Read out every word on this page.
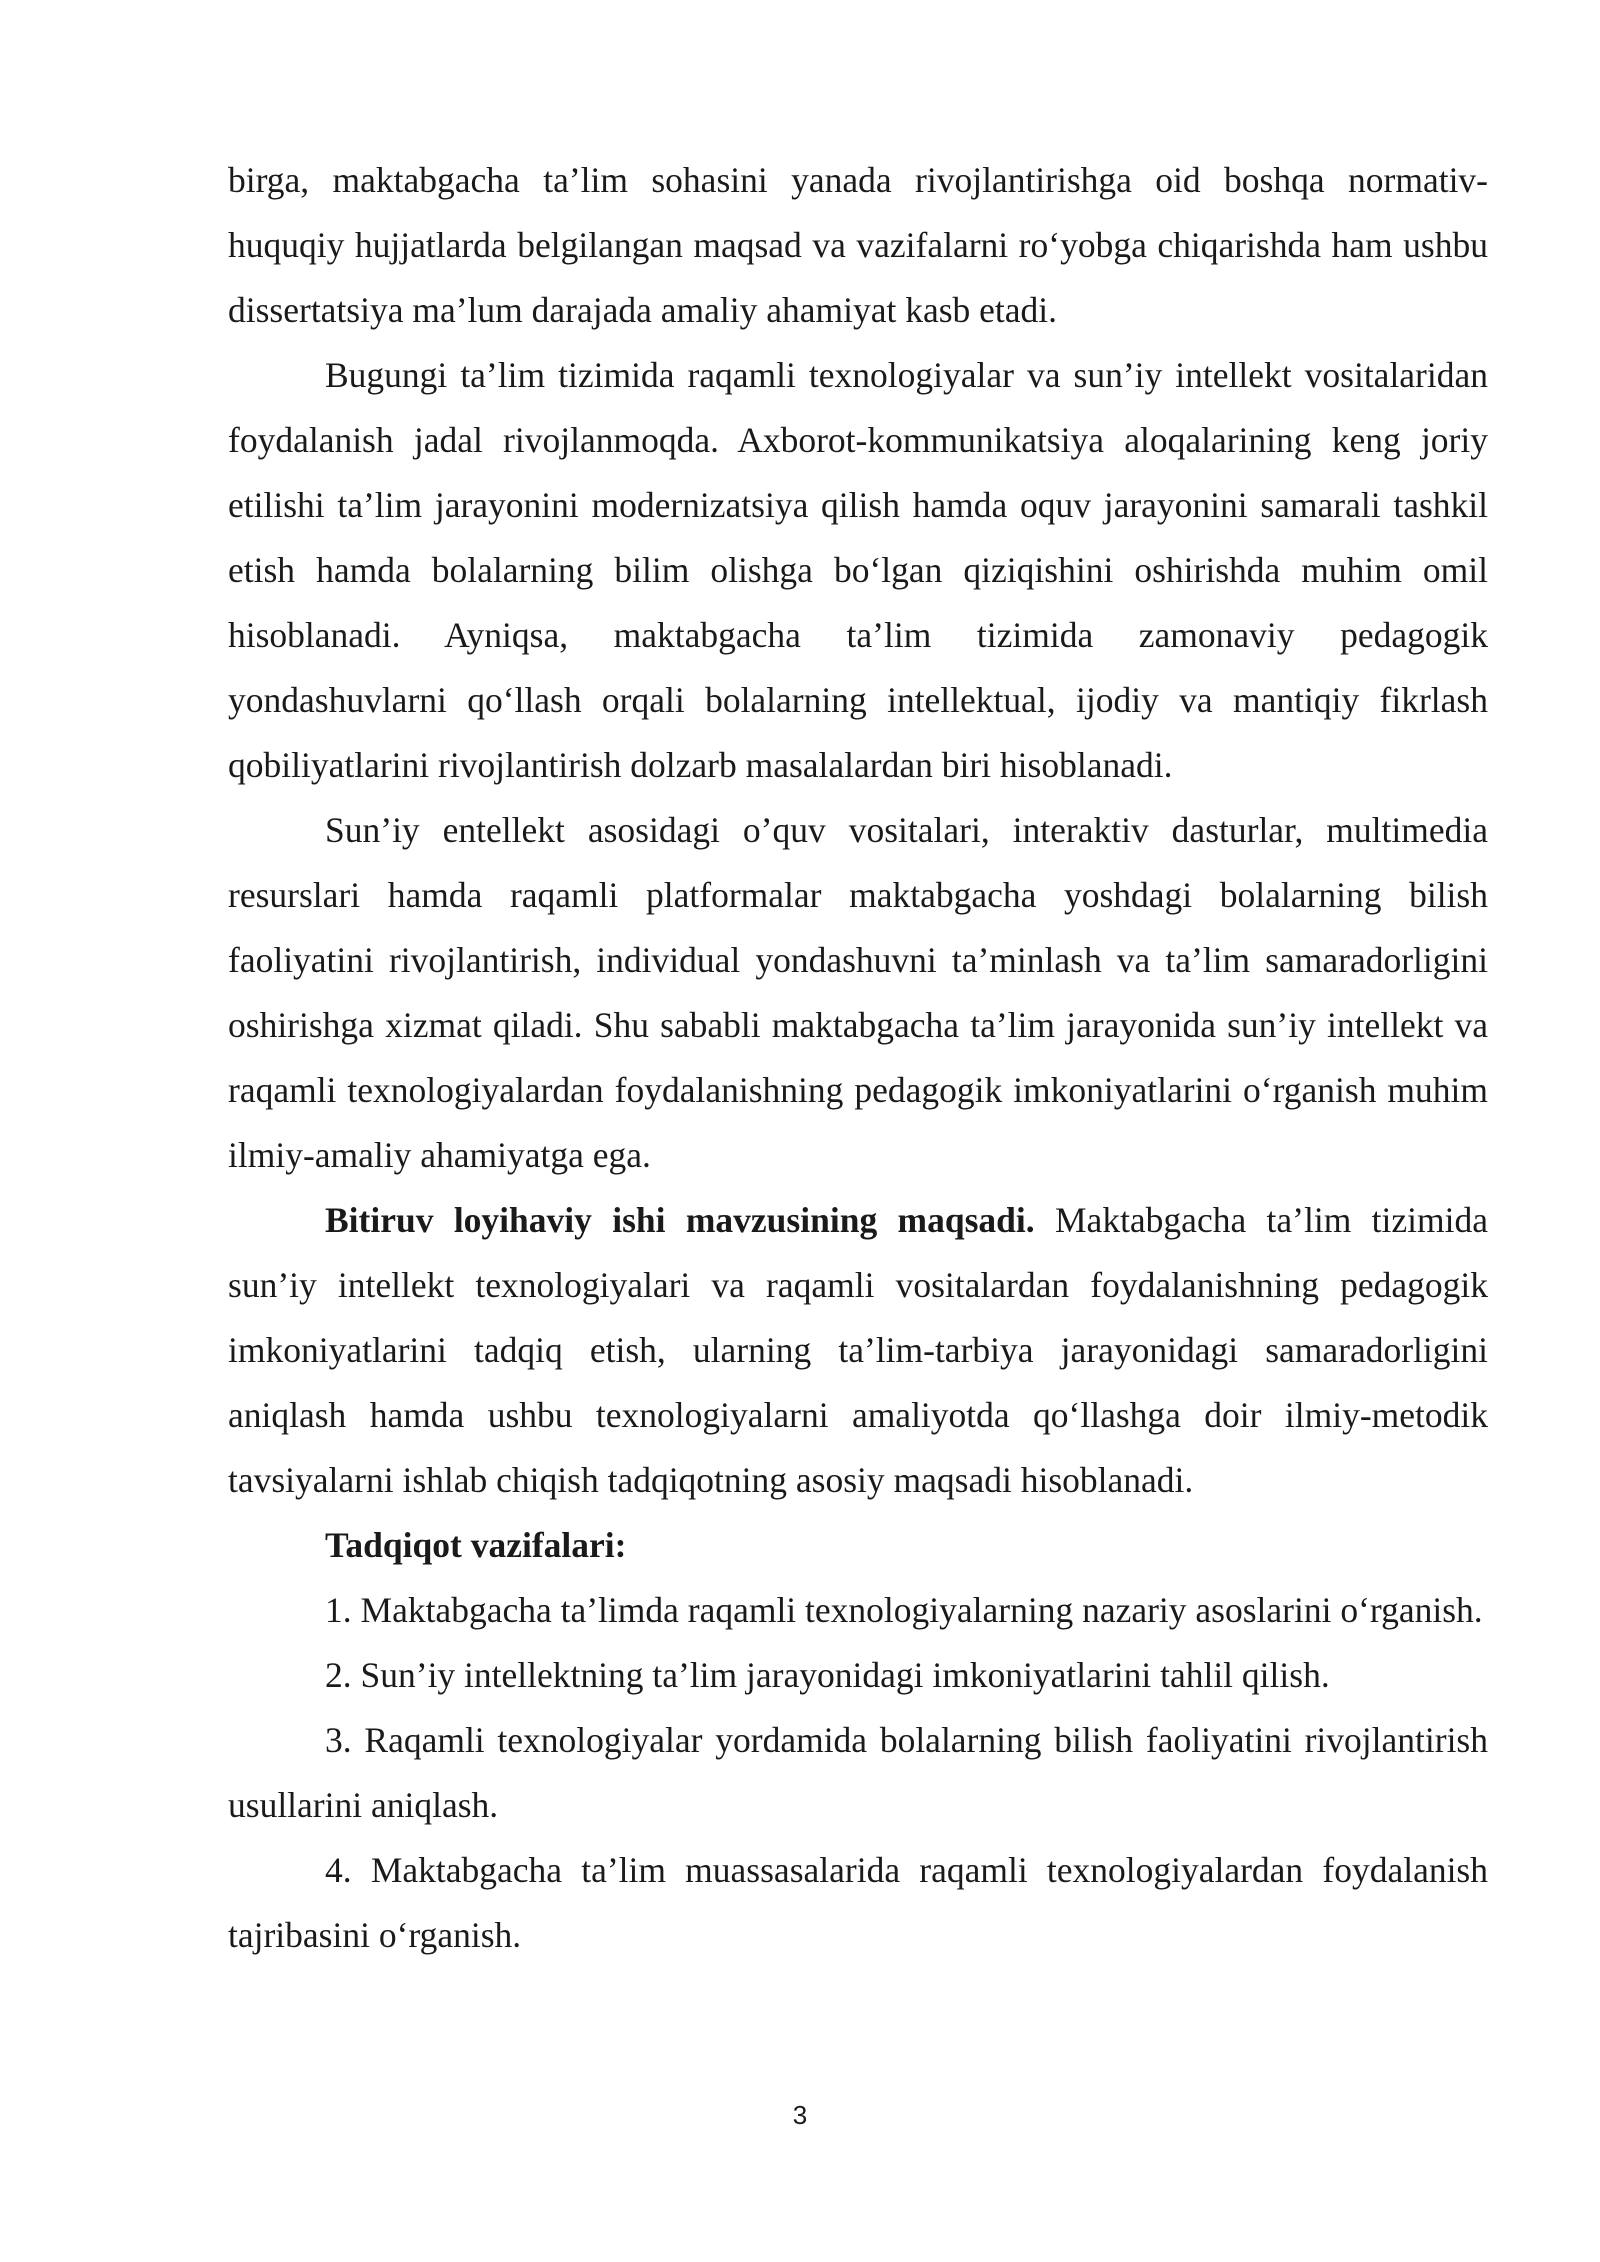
birga, maktabgacha ta’lim sohasini yanada rivojlantirishga oid boshqa normativ-huquqiy hujjatlarda belgilangan maqsad va vazifalarni ro‘yobga chiqarishda ham ushbu dissertatsiya ma’lum darajada amaliy ahamiyat kasb etadi.

Bugungi ta’lim tizimida raqamli texnologiyalar va sun’iy intellekt vositalaridan foydalanish jadal rivojlanmoqda. Axborot-kommunikatsiya aloqalarining keng joriy etilishi ta’lim jarayonini modernizatsiya qilish hamda oquv jarayonini samarali tashkil etish hamda bolalarning bilim olishga bo‘lgan qiziqishini oshirishda muhim omil hisoblanadi. Ayniqsa, maktabgacha ta’lim tizimida zamonaviy pedagogik yondashuvlarni qo‘llash orqali bolalarning intellektual, ijodiy va mantiqiy fikrlash qobiliyatlarini rivojlantirish dolzarb masalalardan biri hisoblanadi.

Sun’iy entellekt asosidagi o’quv vositalari, interaktiv dasturlar, multimedia resurslari hamda raqamli platformalar maktabgacha yoshdagi bolalarning bilish faoliyatini rivojlantirish, individual yondashuvni ta’minlash va ta’lim samaradorligini oshirishga xizmat qiladi. Shu sababli maktabgacha ta’lim jarayonida sun’iy intellekt va raqamli texnologiyalardan foydalanishning pedagogik imkoniyatlarini o‘rganish muhim ilmiy-amaliy ahamiyatga ega.

Bitiruv loyihaviy ishi mavzusining maqsadi. Maktabgacha ta’lim tizimida sun’iy intellekt texnologiyalari va raqamli vositalardan foydalanishning pedagogik imkoniyatlarini tadqiq etish, ularning ta’lim-tarbiya jarayonidagi samaradorligini aniqlash hamda ushbu texnologiyalarni amaliyotda qo‘llashga doir ilmiy-metodik tavsiyalarni ishlab chiqish tadqiqotning asosiy maqsadi hisoblanadi.

Tadqiqot vazifalari:

1. Maktabgacha ta’limda raqamli texnologiyalarning nazariy asoslarini o‘rganish.

2. Sun’iy intellektning ta’lim jarayonidagi imkoniyatlarini tahlil qilish.

3. Raqamli texnologiyalar yordamida bolalarning bilish faoliyatini rivojlantirish usullarini aniqlash.

4. Maktabgacha ta’lim muassasalarida raqamli texnologiyalardan foydalanish tajribasini o‘rganish.

3
